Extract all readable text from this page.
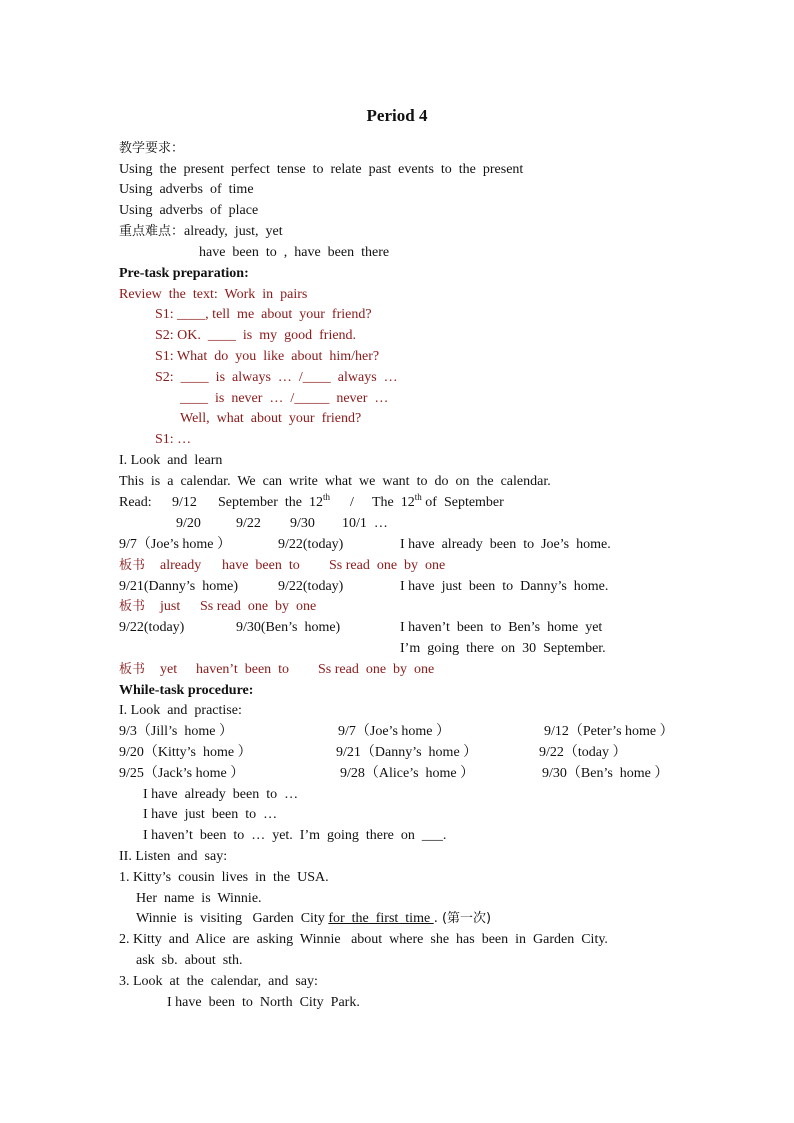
Period 4
教学要求：
Using  the  present  perfect  tense  to  relate  past  events  to  the  present
Using  adverbs  of  time
Using  adverbs  of  place
重点难点：already,  just,  yet
have  been  to  ,  have  been  there
Pre-task preparation:
Review  the  text:  Work  in  pairs
S1: ____, tell  me  about  your  friend?
S2: OK.  ____  is  my  good  friend.
S1: What  do  you  like  about  him/her?
S2:  ____  is  always  …  /____  always  …
____  is  never  …  /_____  never  …
Well,  what  about  your  friend?
S1: …
I. Look  and  learn
This  is  a  calendar.  We  can  write  what  we  want  to  do  on  the  calendar.
Read: 9/12 September  the  12th / The  12th of  September
9/20	9/22 9/30 10/1  …
9/7（Joe’s home ）	9/22(today)	I have  already  been  to  Joe’s  home.
板书 already have  been  to Ss read  one  by  one
9/21(Danny’s  home)	9/22(today)	I have  just  been  to  Danny’s  home.
板书 just Ss read  one  by  one
9/22(today)	9/30(Ben’s  home)	I haven’t  been  to  Ben’s  home  yet
I’m  going  there  on  30  September.
板书 yet haven’t  been  to Ss read  one  by  one
While-task procedure:
I. Look  and  practise:
9/3（Jill’s  home ）	9/7（Joe’s home ）	9/12（Peter’s home ）
9/20（Kitty’s  home ）	9/21（Danny’s  home ）	9/22（today ）
9/25（Jack’s home ）	9/28（Alice’s  home ）	9/30（Ben’s  home ）
I have  already  been  to  …
I have  just  been  to  …
I haven’t  been  to  …  yet.  I’m  going  there  on  ___.
II. Listen  and  say:
1. Kitty’s  cousin  lives  in  the  USA.
Her  name  is  Winnie.
Winnie  is  visiting   Garden  City for  the  first  time . (第一次)
2. Kitty  and  Alice  are  asking  Winnie   about  where  she  has  been  in  Garden  City.
ask  sb.  about  sth.
3. Look  at  the  calendar,  and  say:
I have  been  to  North  City  Park.
